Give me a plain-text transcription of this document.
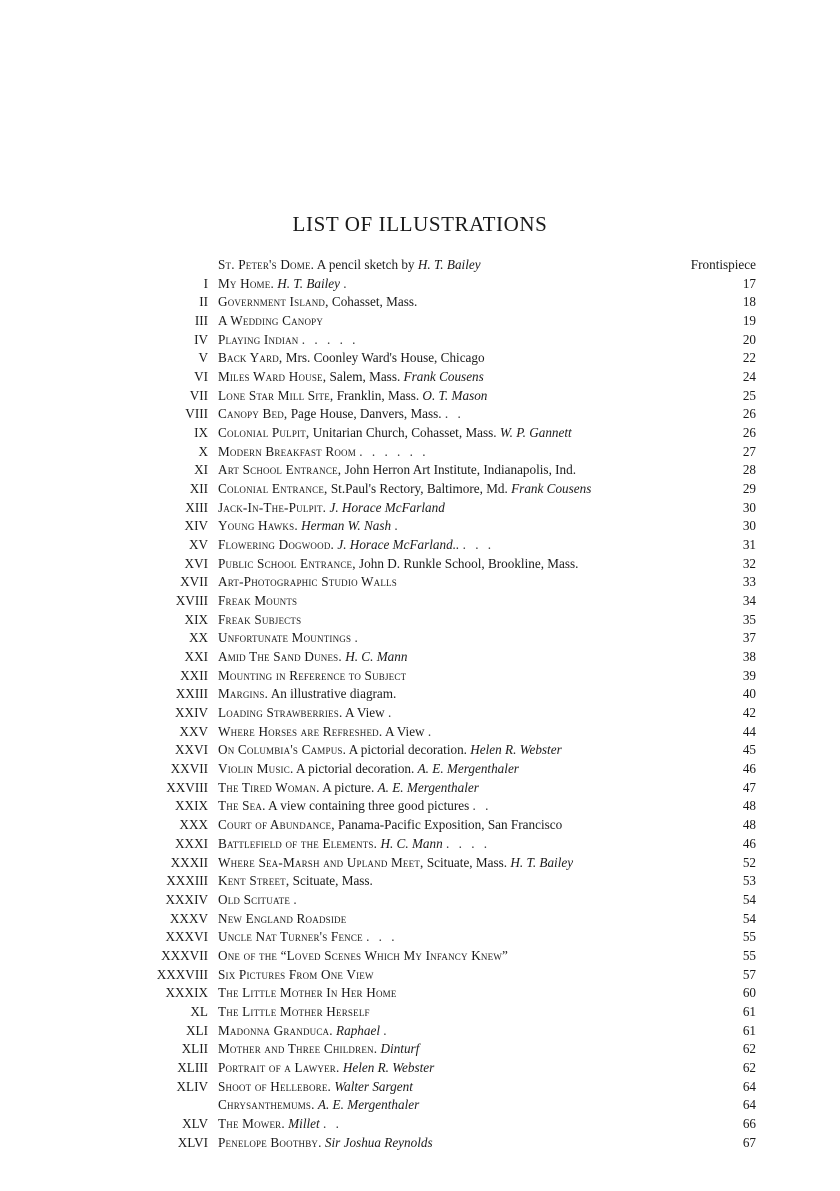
LIST OF ILLUSTRATIONS
St. Peter's Dome. A pencil sketch by H. T. Bailey	Frontispiece
I My Home. H. T. Bailey .	17
II Government Island, Cohasset, Mass.	18
III A Wedding Canopy	19
IV Playing Indian . . . . .	20
V Back Yard, Mrs. Coonley Ward's House, Chicago	22
VI Miles Ward House, Salem, Mass. Frank Cousens	24
VII Lone Star Mill Site, Franklin, Mass. O. T. Mason	25
VIII Canopy Bed, Page House, Danvers, Mass. . .	26
IX Colonial Pulpit, Unitarian Church, Cohasset, Mass. W. P. Gannett	26
X Modern Breakfast Room . . . . . .	27
XI Art School Entrance, John Herron Art Institute, Indianapolis, Ind.	28
XII Colonial Entrance, St.Paul's Rectory, Baltimore, Md. Frank Cousens	29
XIII Jack-In-The-Pulpit. J. Horace McFarland	30
XIV Young Hawks. Herman W. Nash .	30
XV Flowering Dogwood. J. Horace McFarland.. . . .	31
XVI Public School Entrance, John D. Runkle School, Brookline, Mass.	32
XVII Art-Photographic Studio Walls	33
XVIII Freak Mounts	34
XIX Freak Subjects	35
XX Unfortunate Mountings .	37
XXI Amid The Sand Dunes. H. C. Mann	38
XXII Mounting in Reference to Subject	39
XXIII Margins. An illustrative diagram.	40
XXIV Loading Strawberries. A View .	42
XXV Where Horses are Refreshed. A View .	44
XXVI On Columbia's Campus. A pictorial decoration. Helen R. Webster	45
XXVII Violin Music. A pictorial decoration. A. E. Mergenthaler	46
XXVIII The Tired Woman. A picture. A. E. Mergenthaler	47
XXIX The Sea. A view containing three good pictures . .	48
XXX Court of Abundance, Panama-Pacific Exposition, San Francisco	48
XXXI Battlefield of the Elements. H. C. Mann . . . .	46
XXXII Where Sea-Marsh and Upland Meet, Scituate, Mass. H. T. Bailey	52
XXXIII Kent Street, Scituate, Mass.	53
XXXIV Old Scituate .	54
XXXV New England Roadside	54
XXXVI Uncle Nat Turner's Fence . . .	55
XXXVII One of the “Loved Scenes Which My Infancy Knew”	55
XXXVIII Six Pictures From One View	57
XXXIX The Little Mother In Her Home	60
XL The Little Mother Herself	61
XLI Madonna Granduca. Raphael .	61
XLII Mother and Three Children. Dinturf	62
XLIII Portrait of a Lawyer. Helen R. Webster	62
XLIV Shoot of Hellebore. Walter Sargent	64
Chrysanthemums. A. E. Mergenthaler	64
XLV The Mower. Millet . .	66
XLVI Penelope Boothby. Sir Joshua Reynolds	67
